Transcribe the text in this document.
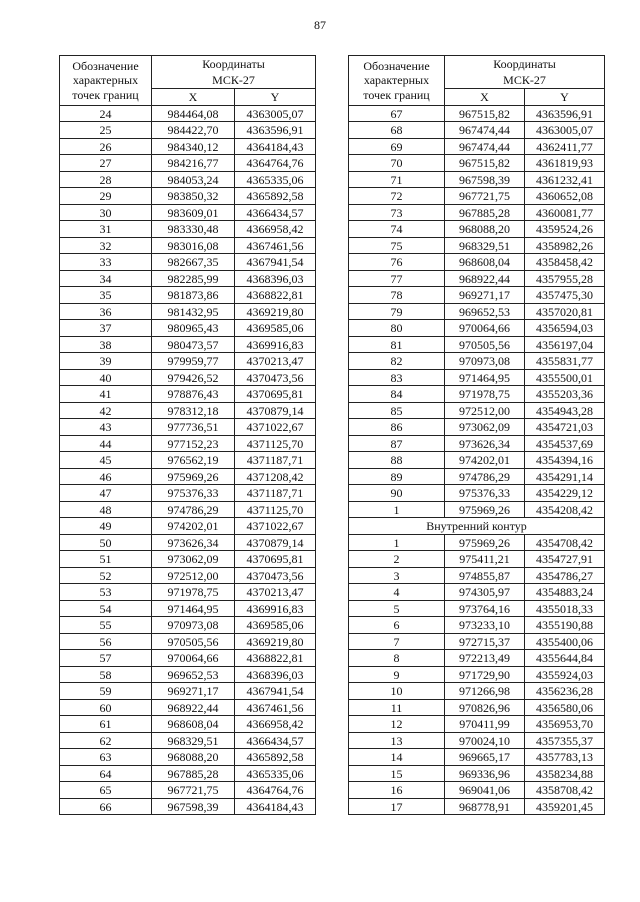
87
Обозначение
характерных
точек границ	Координаты
МСК-27	
	X	Y
24	984464,08	4363005,07
25	984422,70	4363596,91
26	984340,12	4364184,43
27	984216,77	4364764,76
28	984053,24	4365335,06
29	983850,32	4365892,58
30	983609,01	4366434,57
31	983330,48	4366958,42
32	983016,08	4367461,56
33	982667,35	4367941,54
34	982285,99	4368396,03
35	981873,86	4368822,81
36	981432,95	4369219,80
37	980965,43	4369585,06
38	980473,57	4369916,83
39	979959,77	4370213,47
40	979426,52	4370473,56
41	978876,43	4370695,81
42	978312,18	4370879,14
43	977736,51	4371022,67
44	977152,23	4371125,70
45	976562,19	4371187,71
46	975969,26	4371208,42
47	975376,33	4371187,71
48	974786,29	4371125,70
49	974202,01	4371022,67
50	973626,34	4370879,14
51	973062,09	4370695,81
52	972512,00	4370473,56
53	971978,75	4370213,47
54	971464,95	4369916,83
55	970973,08	4369585,06
56	970505,56	4369219,80
57	970064,66	4368822,81
58	969652,53	4368396,03
59	969271,17	4367941,54
60	968922,44	4367461,56
61	968608,04	4366958,42
62	968329,51	4366434,57
63	968088,20	4365892,58
64	967885,28	4365335,06
65	967721,75	4364764,76
66	967598,39	4364184,43
Обозначение
характерных
точек границ	Координаты
МСК-27	
	X	Y
67	967515,82	4363596,91
68	967474,44	4363005,07
69	967474,44	4362411,77
70	967515,82	4361819,93
71	967598,39	4361232,41
72	967721,75	4360652,08
73	967885,28	4360081,77
74	968088,20	4359524,26
75	968329,51	4358982,26
76	968608,04	4358458,42
77	968922,44	4357955,28
78	969271,17	4357475,30
79	969652,53	4357020,81
80	970064,66	4356594,03
81	970505,56	4356197,04
82	970973,08	4355831,77
83	971464,95	4355500,01
84	971978,75	4355203,36
85	972512,00	4354943,28
86	973062,09	4354721,03
87	973626,34	4354537,69
88	974202,01	4354394,16
89	974786,29	4354291,14
90	975376,33	4354229,12
1	975969,26	4354208,42
Внутренний контур		
1	975969,26	4354708,42
2	975411,21	4354727,91
3	974855,87	4354786,27
4	974305,97	4354883,24
5	973764,16	4355018,33
6	973233,10	4355190,88
7	972715,37	4355400,06
8	972213,49	4355644,84
9	971729,90	4355924,03
10	971266,98	4356236,28
11	970826,96	4356580,06
12	970411,99	4356953,70
13	970024,10	4357355,37
14	969665,17	4357783,13
15	969336,96	4358234,88
16	969041,06	4358708,42
17	968778,91	4359201,45
